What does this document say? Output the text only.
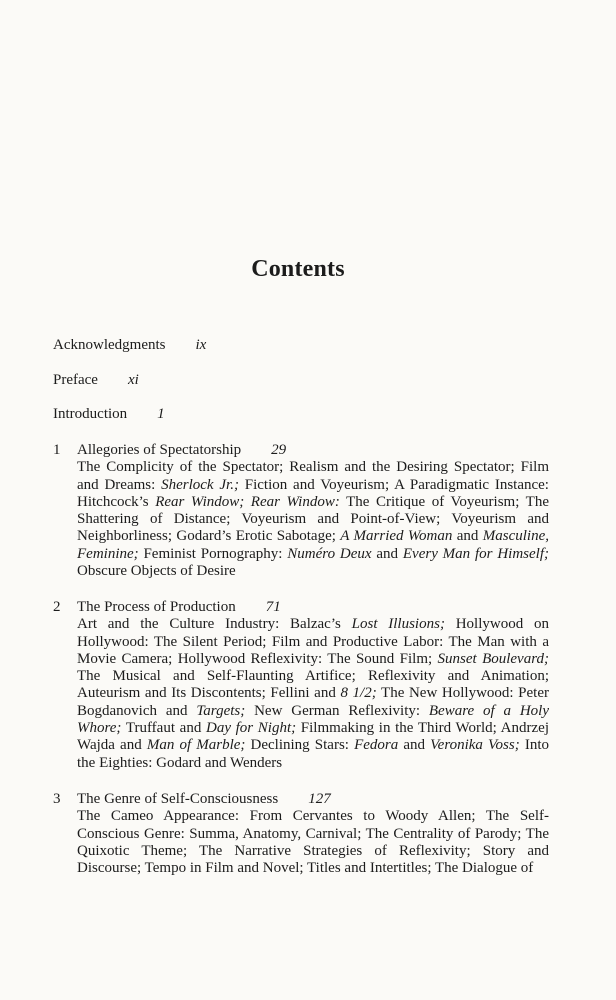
Contents
Acknowledgments ix
Preface xi
Introduction 1
1 Allegories of Spectatorship 29
The Complicity of the Spectator; Realism and the Desiring Spectator; Film and Dreams: Sherlock Jr.; Fiction and Voyeurism; A Paradigmatic Instance: Hitchcock’s Rear Window; Rear Window: The Critique of Voyeurism; The Shattering of Distance; Voyeurism and Point-of-View; Voyeurism and Neighborliness; Godard’s Erotic Sabotage; A Married Woman and Masculine, Feminine; Feminist Pornography: Numéro Deux and Every Man for Himself; Obscure Objects of Desire
2 The Process of Production 71
Art and the Culture Industry: Balzac’s Lost Illusions; Hollywood on Hollywood: The Silent Period; Film and Productive Labor: The Man with a Movie Camera; Hollywood Reflexivity: The Sound Film; Sunset Boulevard; The Musical and Self-Flaunting Artifice; Reflexivity and Animation; Auteurism and Its Discontents; Fellini and 8 1/2; The New Hollywood: Peter Bogdanovich and Targets; New German Reflexivity: Beware of a Holy Whore; Truffaut and Day for Night; Filmmaking in the Third World; Andrzej Wajda and Man of Marble; Declining Stars: Fedora and Veronika Voss; Into the Eighties: Godard and Wenders
3 The Genre of Self-Consciousness 127
The Cameo Appearance: From Cervantes to Woody Allen; The Self-Conscious Genre: Summa, Anatomy, Carnival; The Centrality of Parody; The Quixotic Theme; The Narrative Strategies of Reflexivity; Story and Discourse; Tempo in Film and Novel; Titles and Intertitles; The Dialogue of
